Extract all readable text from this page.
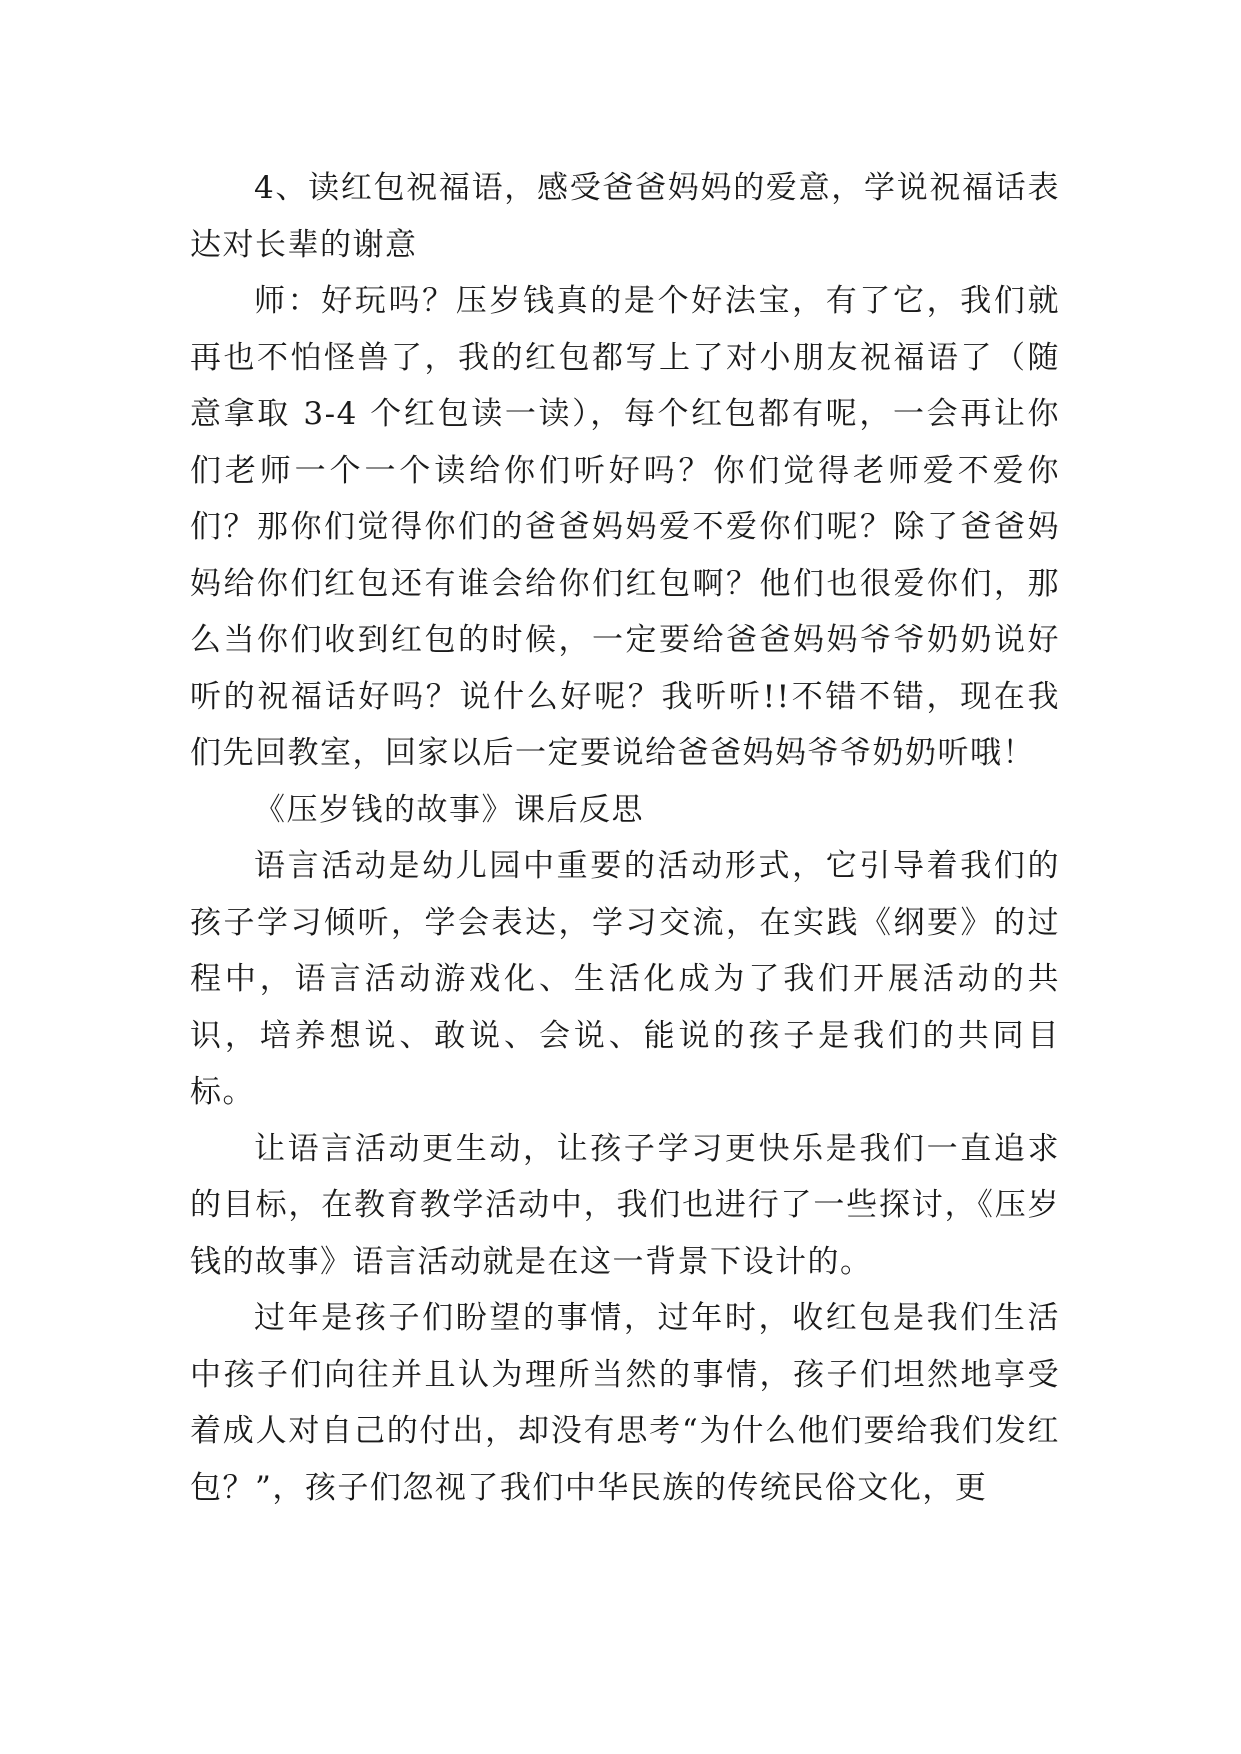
4、读红包祝福语，感受爸爸妈妈的爱意，学说祝福话表达对长辈的谢意

师：好玩吗？压岁钱真的是个好法宝，有了它，我们就再也不怕怪兽了，我的红包都写上了对小朋友祝福语了（随意拿取 3-4 个红包读一读），每个红包都有呢，一会再让你们老师一个一个读给你们听好吗？你们觉得老师爱不爱你们？那你们觉得你们的爸爸妈妈爱不爱你们呢？除了爸爸妈妈给你们红包还有谁会给你们红包啊？他们也很爱你们，那么当你们收到红包的时候，一定要给爸爸妈妈爷爷奶奶说好听的祝福话好吗？说什么好呢？我听听!!不错不错，现在我们先回教室，回家以后一定要说给爸爸妈妈爷爷奶奶听哦！

《压岁钱的故事》课后反思

语言活动是幼儿园中重要的活动形式，它引导着我们的孩子学习倾听，学会表达，学习交流，在实践《纲要》的过程中，语言活动游戏化、生活化成为了我们开展活动的共识，培养想说、敢说、会说、能说的孩子是我们的共同目标。

让语言活动更生动，让孩子学习更快乐是我们一直追求的目标，在教育教学活动中，我们也进行了一些探讨，《压岁钱的故事》语言活动就是在这一背景下设计的。

过年是孩子们盼望的事情，过年时，收红包是我们生活中孩子们向往并且认为理所当然的事情，孩子们坦然地享受着成人对自己的付出，却没有思考“为什么他们要给我们发红包？”，孩子们忽视了我们中华民族的传统民俗文化，更
